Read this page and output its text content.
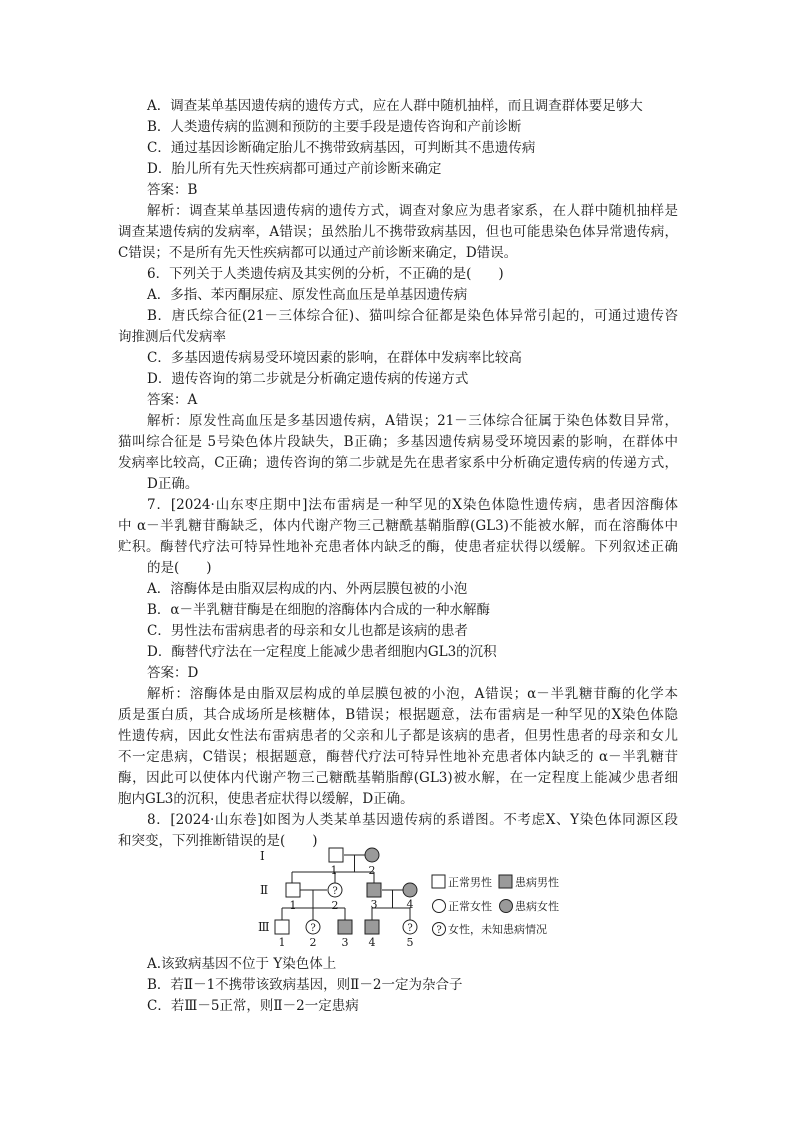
A．调查某单基因遗传病的遗传方式，应在人群中随机抽样，而且调查群体要足够大
B．人类遗传病的监测和预防的主要手段是遗传咨询和产前诊断
C．通过基因诊断确定胎儿不携带致病基因，可判断其不患遗传病
D．胎儿所有先天性疾病都可通过产前诊断来确定
答案：B
解析：调查某单基因遗传病的遗传方式，调查对象应为患者家系，在人群中随机抽样是
调查某遗传病的发病率，A错误；虽然胎儿不携带致病基因，但也可能患染色体异常遗传病，
C错误；不是所有先天性疾病都可以通过产前诊断来确定，D错误。
6．下列关于人类遗传病及其实例的分析，不正确的是(　　)
A．多指、苯丙酮尿症、原发性高血压是单基因遗传病
B．唐氏综合征(21－三体综合征)、猫叫综合征都是染色体异常引起的，可通过遗传咨
询推测后代发病率
C．多基因遗传病易受环境因素的影响，在群体中发病率比较高
D．遗传咨询的第二步就是分析确定遗传病的传递方式
答案：A
解析：原发性高血压是多基因遗传病，A错误；21－三体综合征属于染色体数目异常，
猫叫综合征是 5号染色体片段缺失，B正确；多基因遗传病易受环境因素的影响，在群体中
发病率比较高，C正确；遗传咨询的第二步就是先在患者家系中分析确定遗传病的传递方式，
D正确。
7．[2024·山东枣庄期中]法布雷病是一种罕见的X染色体隐性遗传病，患者因溶酶体
中 α－半乳糖苷酶缺乏，体内代谢产物三己糖酰基鞘脂醇(GL3)不能被水解，而在溶酶体中
贮积。酶替代疗法可特异性地补充患者体内缺乏的酶，使患者症状得以缓解。下列叙述正确
的是(　　)
A．溶酶体是由脂双层构成的内、外两层膜包被的小泡
B．α－半乳糖苷酶是在细胞的溶酶体内合成的一种水解酶
C．男性法布雷病患者的母亲和女儿也都是该病的患者
D．酶替代疗法在一定程度上能减少患者细胞内GL3的沉积
答案：D
解析：溶酶体是由脂双层构成的单层膜包被的小泡，A错误；α－半乳糖苷酶的化学本
质是蛋白质，其合成场所是核糖体，B错误；根据题意，法布雷病是一种罕见的X染色体隐
性遗传病，因此女性法布雷病患者的父亲和儿子都是该病的患者，但男性患者的母亲和女儿
不一定患病，C错误；根据题意，酶替代疗法可特异性地补充患者体内缺乏的 α－半乳糖苷
酶，因此可以使体内代谢产物三己糖酰基鞘脂醇(GL3)被水解，在一定程度上能减少患者细
胞内GL3的沉积，使患者症状得以缓解，D正确。
8．[2024·山东卷]如图为人类某单基因遗传病的系谱图。不考虑X、Y染色体同源区段
和突变，下列推断错误的是(　　)
?
?	?
Ⅰ
Ⅱ
Ⅲ
1	2
1	2	3	4
1 2 3 4	5
正常男性 患病男性
正常女性 患病女性
? 女性，未知患病情况
A.该致病基因不位于 Y染色体上
B．若Ⅱ－1不携带该致病基因，则Ⅱ－2一定为杂合子
C．若Ⅲ－5正常，则Ⅱ－2一定患病
